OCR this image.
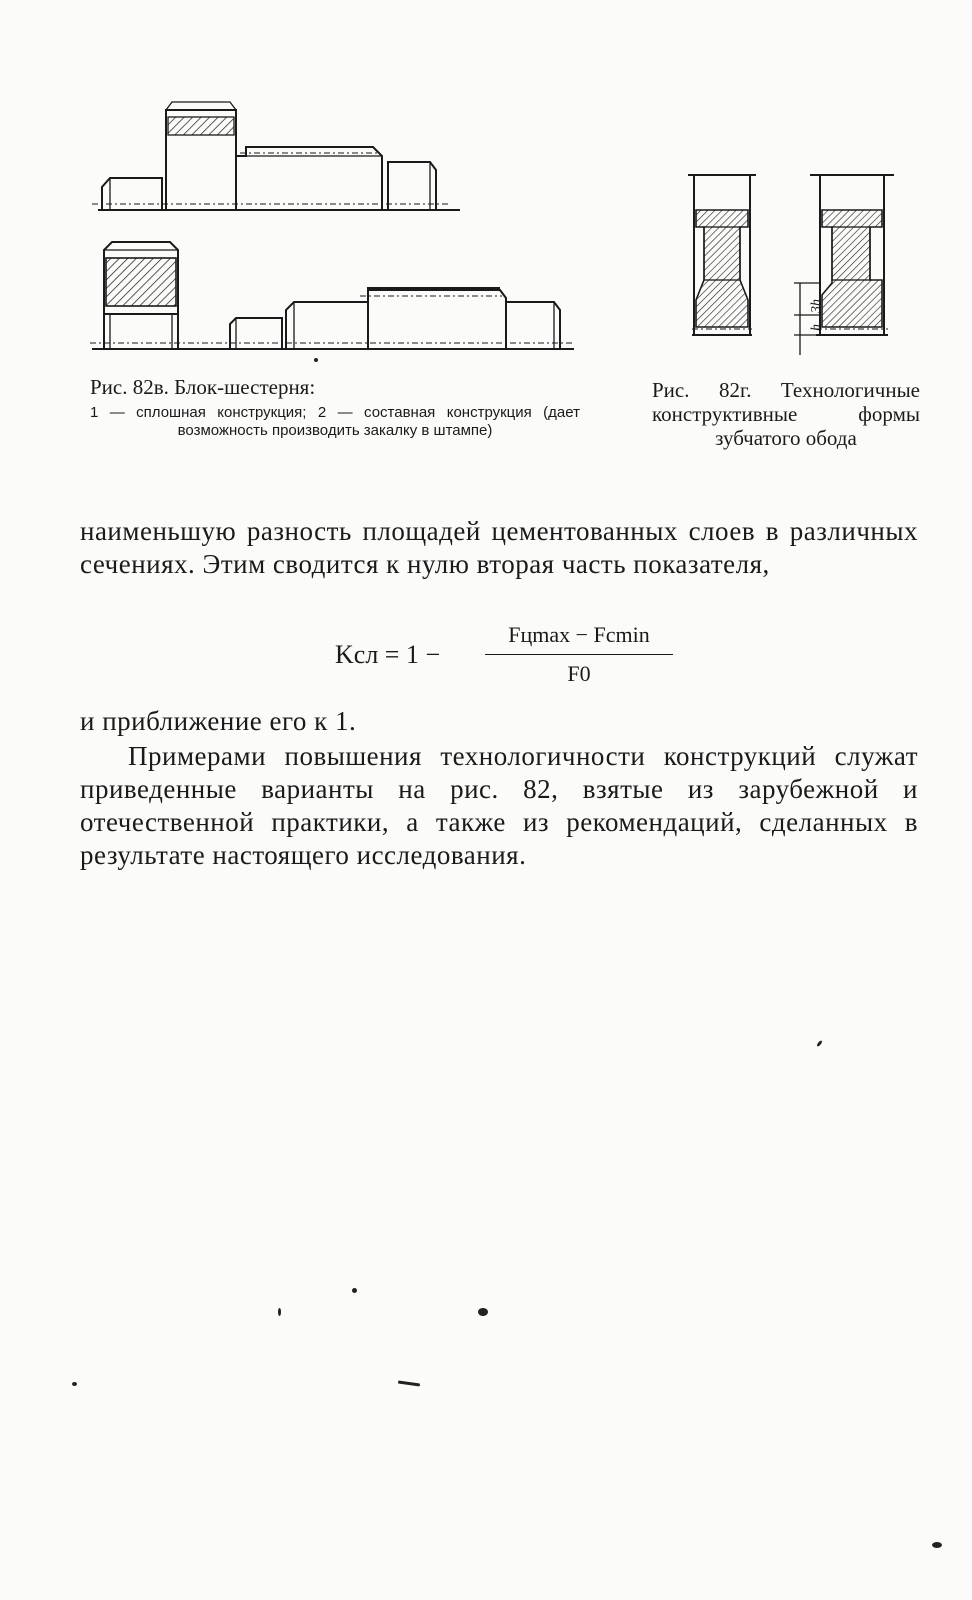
3h
h

Рис. 82в. Блок-шестерня:

1 — сплошная конструкция; 2 — составная конструкция (дает возможность производить закалку в штампе)

Рис. 82г. Технологичные конструктивные формы зубчатого обода

наименьшую разность площадей цементованных слоев в различных сечениях. Этим сводится к нулю вторая часть показателя,

Kсл = 1 −
Fцmax − Fcmin
F0

и приближение его к 1.

Примерами повышения технологичности конструкций служат приведенные варианты на рис. 82, взятые из зарубежной и отечественной практики, а также из рекомендаций, сделанных в результате настоящего исследования.
